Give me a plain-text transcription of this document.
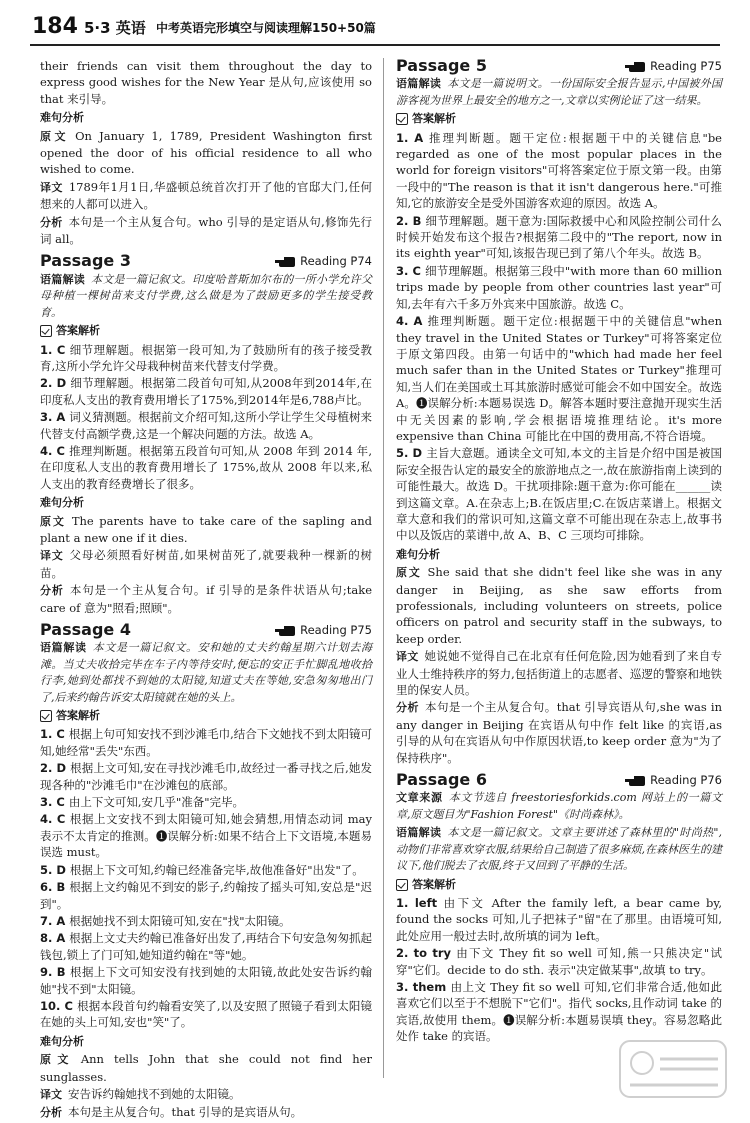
184 5·3 英语 中考英语完形填空与阅读理解150+50篇

their friends can visit them throughout the day to express good wishes for the New Year 是从句,应该使用 so that 来引导。

难句分析

原文 On January 1, 1789, President Washington first opened the door of his official residence to all who wished to come.

译文 1789年1月1日,华盛顿总统首次打开了他的官邸大门,任何想来的人都可以进入。

分析 本句是一个主从复合句。who 引导的是定语从句,修饰先行词 all。

Passage 3	Reading P74

语篇解读 本文是一篇记叙文。印度哈普斯加尔布的一所小学允许父母种植一棵树苗来支付学费,这么做是为了鼓励更多的学生接受教育。

答案解析

1. C 细节理解题。根据第一段可知,为了鼓励所有的孩子接受教育,这所小学允许父母栽种树苗来代替支付学费。

2. D 细节理解题。根据第二段首句可知,从2008年到2014年,在印度私人支出的教育费用增长了175%,到2014年是6,788卢比。

3. A 词义猜测题。根据前文介绍可知,这所小学让学生父母植树来代替支付高额学费,这是一个解决问题的方法。故选 A。

4. C 推理判断题。根据第五段首句可知,从 2008 年到 2014 年,在印度私人支出的教育费用增长了 175%,故从 2008 年以来,私人支出的教育经费增长了很多。

难句分析

原文 The parents have to take care of the sapling and plant a new one if it dies.

译文 父母必须照看好树苗,如果树苗死了,就要栽种一棵新的树苗。

分析 本句是一个主从复合句。if 引导的是条件状语从句;take care of 意为"照看;照顾"。

Passage 4	Reading P75

语篇解读 本文是一篇记叙文。安和她的丈夫约翰星期六计划去海滩。当丈夫收拾完毕在车子内等待安时,便忘的安正手忙脚乱地收拾行李,她到处都找不到她的太阳镜,知道丈夫在等她,安急匆匆地出门了,后来约翰告诉安太阳镜就在她的头上。

答案解析

1. C 根据上句可知安找不到沙滩毛巾,结合下文她找不到太阳镜可知,她经常"丢失"东西。

2. D 根据上文可知,安在寻找沙滩毛巾,故经过一番寻找之后,她发现各种的"沙滩毛巾"在沙滩包的底部。

3. C 由上下文可知,安几乎"准备"完毕。

4. C 根据上文安找不到太阳镜可知,她会猜想,用情态动词 may 表示不太肯定的推测。❶误解分析:如果不结合上下文语境,本题易误选 must。

5. D 根据上下文可知,约翰已经准备完毕,故他准备好"出发"了。

6. B 根据上文约翰见不到安的影子,约翰按了摇头可知,安总是"迟到"。

7. A 根据她找不到太阳镜可知,安在"找"太阳镜。

8. A 根据上文丈夫约翰已准备好出发了,再结合下句安急匆匆抓起钱包,锁上了门可知,她知道约翰在"等"她。

9. B 根据上下文可知安没有找到她的太阳镜,故此处安告诉约翰她"找不到"太阳镜。

10. C 根据本段首句约翰看安笑了,以及安照了照镜子看到太阳镜在她的头上可知,安也"笑"了。

难句分析

原文 Ann tells John that she could not find her sunglasses.

译文 安告诉约翰她找不到她的太阳镜。

分析 本句是主从复合句。that 引导的是宾语从句。

Passage 5	Reading P75

语篇解读 本文是一篇说明文。一份国际安全报告显示,中国被外国游客视为世界上最安全的地方之一,文章以实例论证了这一结果。

答案解析

1. A 推理判断题。题干定位:根据题干中的关键信息"be regarded as one of the most popular places in the world for foreign visitors"可将答案定位于原文第一段。由第一段中的"The reason is that it isn't dangerous here."可推知,它的旅游安全是受外国游客欢迎的原因。故选 A。

2. B 细节理解题。题干意为:国际救援中心和风险控制公司什么时候开始发布这个报告?根据第二段中的"The report, now in its eighth year"可知,该报告现已到了第八个年头。故选 B。

3. C 细节理解题。根据第三段中"with more than 60 million trips made by people from other countries last year"可知,去年有六千多万外宾来中国旅游。故选 C。

4. A 推理判断题。题干定位:根据题干中的关键信息"when they travel in the United States or Turkey"可将答案定位于原文第四段。由第一句话中的"which had made her feel much safer than in the United States or Turkey"推理可知,当人们在美国或土耳其旅游时感觉可能会不如中国安全。故选 A。❶误解分析:本题易误选 D。解答本题时要注意抛开现实生活中无关因素的影响,学会根据语境推理结论。it's more expensive than China 可能比在中国的费用高,不符合语境。

5. D 主旨大意题。通读全文可知,本文的主旨是介绍中国是被国际安全报告认定的最安全的旅游地点之一,故在旅游指南上读到的可能性最大。故选 D。干扰项排除:题干意为:你可能在______读到这篇文章。A.在杂志上;B.在饭店里;C.在饭店菜谱上。根据文章大意和我们的常识可知,这篇文章不可能出现在杂志上,故事书中以及饭店的菜谱中,故 A、B、C 三项均可排除。

难句分析

原文 She said that she didn't feel like she was in any danger in Beijing, as she saw efforts from professionals, including volunteers on streets, police officers on patrol and security staff in the subways, to keep order.

译文 她说她不觉得自己在北京有任何危险,因为她看到了来自专业人士维持秩序的努力,包括街道上的志愿者、巡逻的警察和地铁里的保安人员。

分析 本句是一个主从复合句。that 引导宾语从句,she was in any danger in Beijing 在宾语从句中作 felt like 的宾语,as 引导的从句在宾语从句中作原因状语,to keep order 意为"为了保持秩序"。

Passage 6	Reading P76

文章来源 本文节选自 freestoriesforkids.com 网站上的一篇文章,原文题目为"Fashion Forest"《时尚森林》。

语篇解读 本文是一篇记叙文。文章主要讲述了森林里的"时尚热",动物们非常喜欢穿衣服,结果给自己制造了很多麻烦,在森林医生的建议下,他们脱去了衣服,终于又回到了平静的生活。

答案解析

1. left 由下文 After the family left, a bear came by, found the socks 可知,儿子把袜子"留"在了那里。由语境可知,此处应用一般过去时,故所填的词为 left。

2. to try 由下文 They fit so well 可知,熊一只熊决定"试穿"它们。decide to do sth. 表示"决定做某事",故填 to try。

3. them 由上文 They fit so well 可知,它们非常合适,他如此喜欢它们以至于不想脱下"它们"。指代 socks,且作动词 take 的宾语,故使用 them。❶误解分析:本题易误填 they。容易忽略此处作 take 的宾语。
